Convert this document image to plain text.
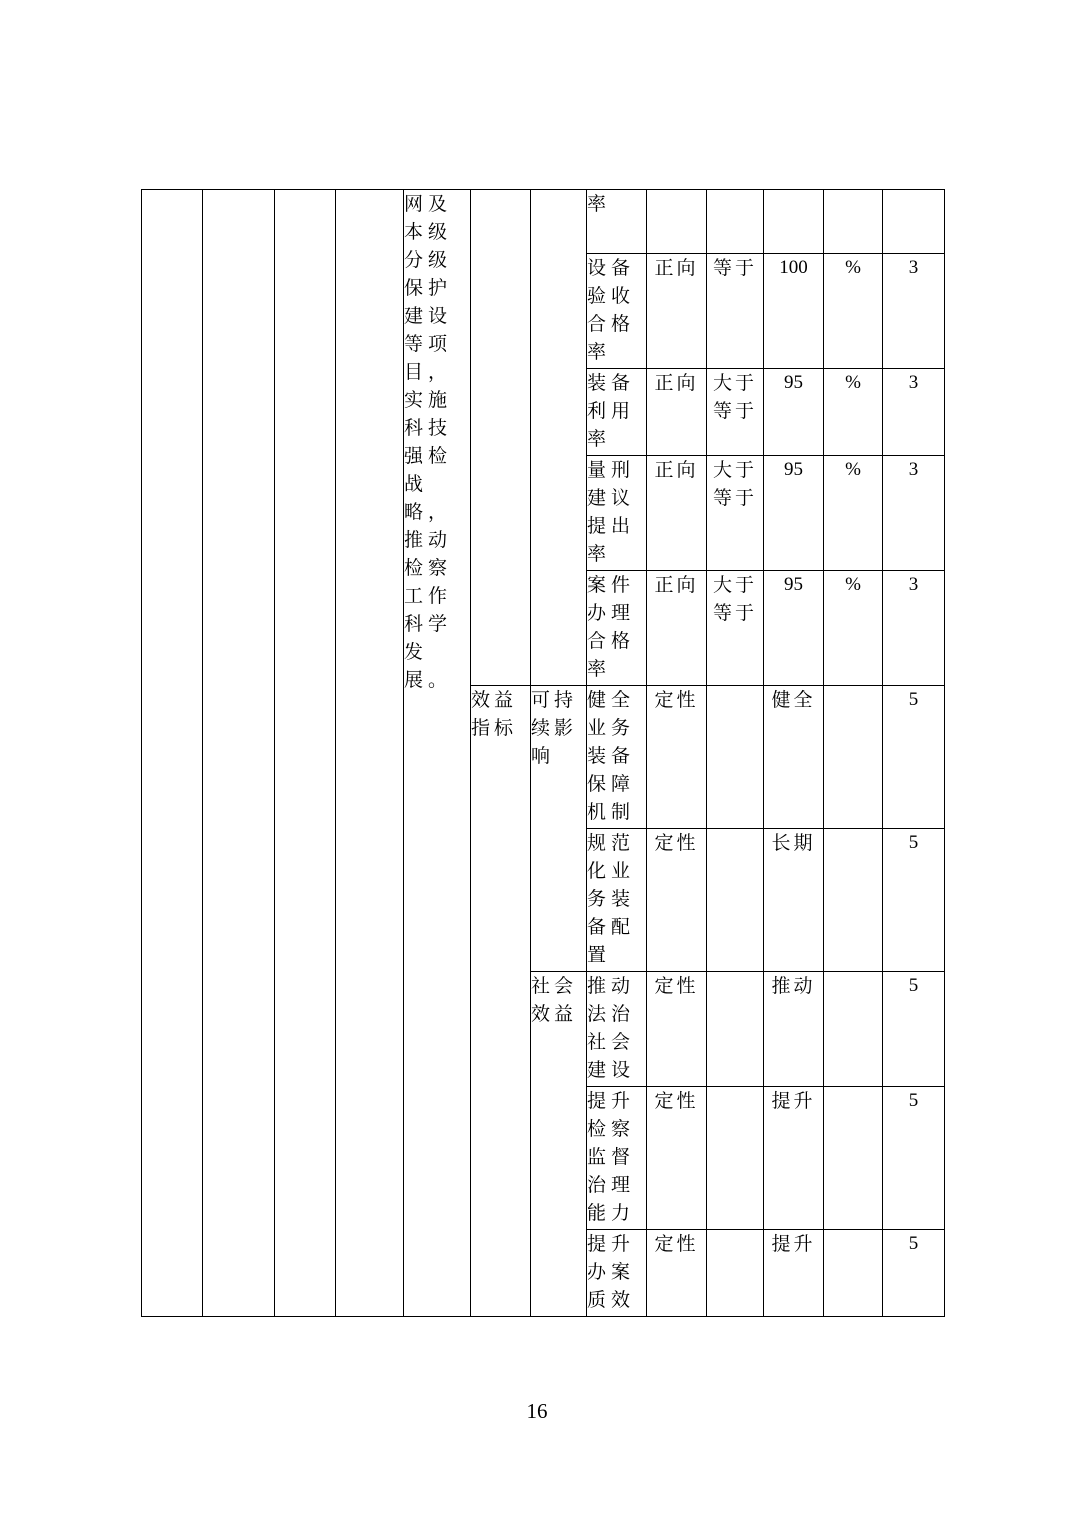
				网及本级分级保护建设等项目，实施科技强检战略，推动检察工作科学发展。			率					
							设备验收合格率	正向	等于	100	%	3
							装备利用率	正向	大于等于	95	%	3
							量刑建议提出率	正向	大于等于	95	%	3
							案件办理合格率	正向	大于等于	95	%	3
					效益指标	可持续影响	健全业务装备保障机制	定性		健全		5
							规范化业务装备配置	定性		长期		5
						社会效益	推动法治社会建设	定性		推动		5
							提升检察监督治理能力	定性		提升		5
							提升办案质效	定性		提升		5
16
